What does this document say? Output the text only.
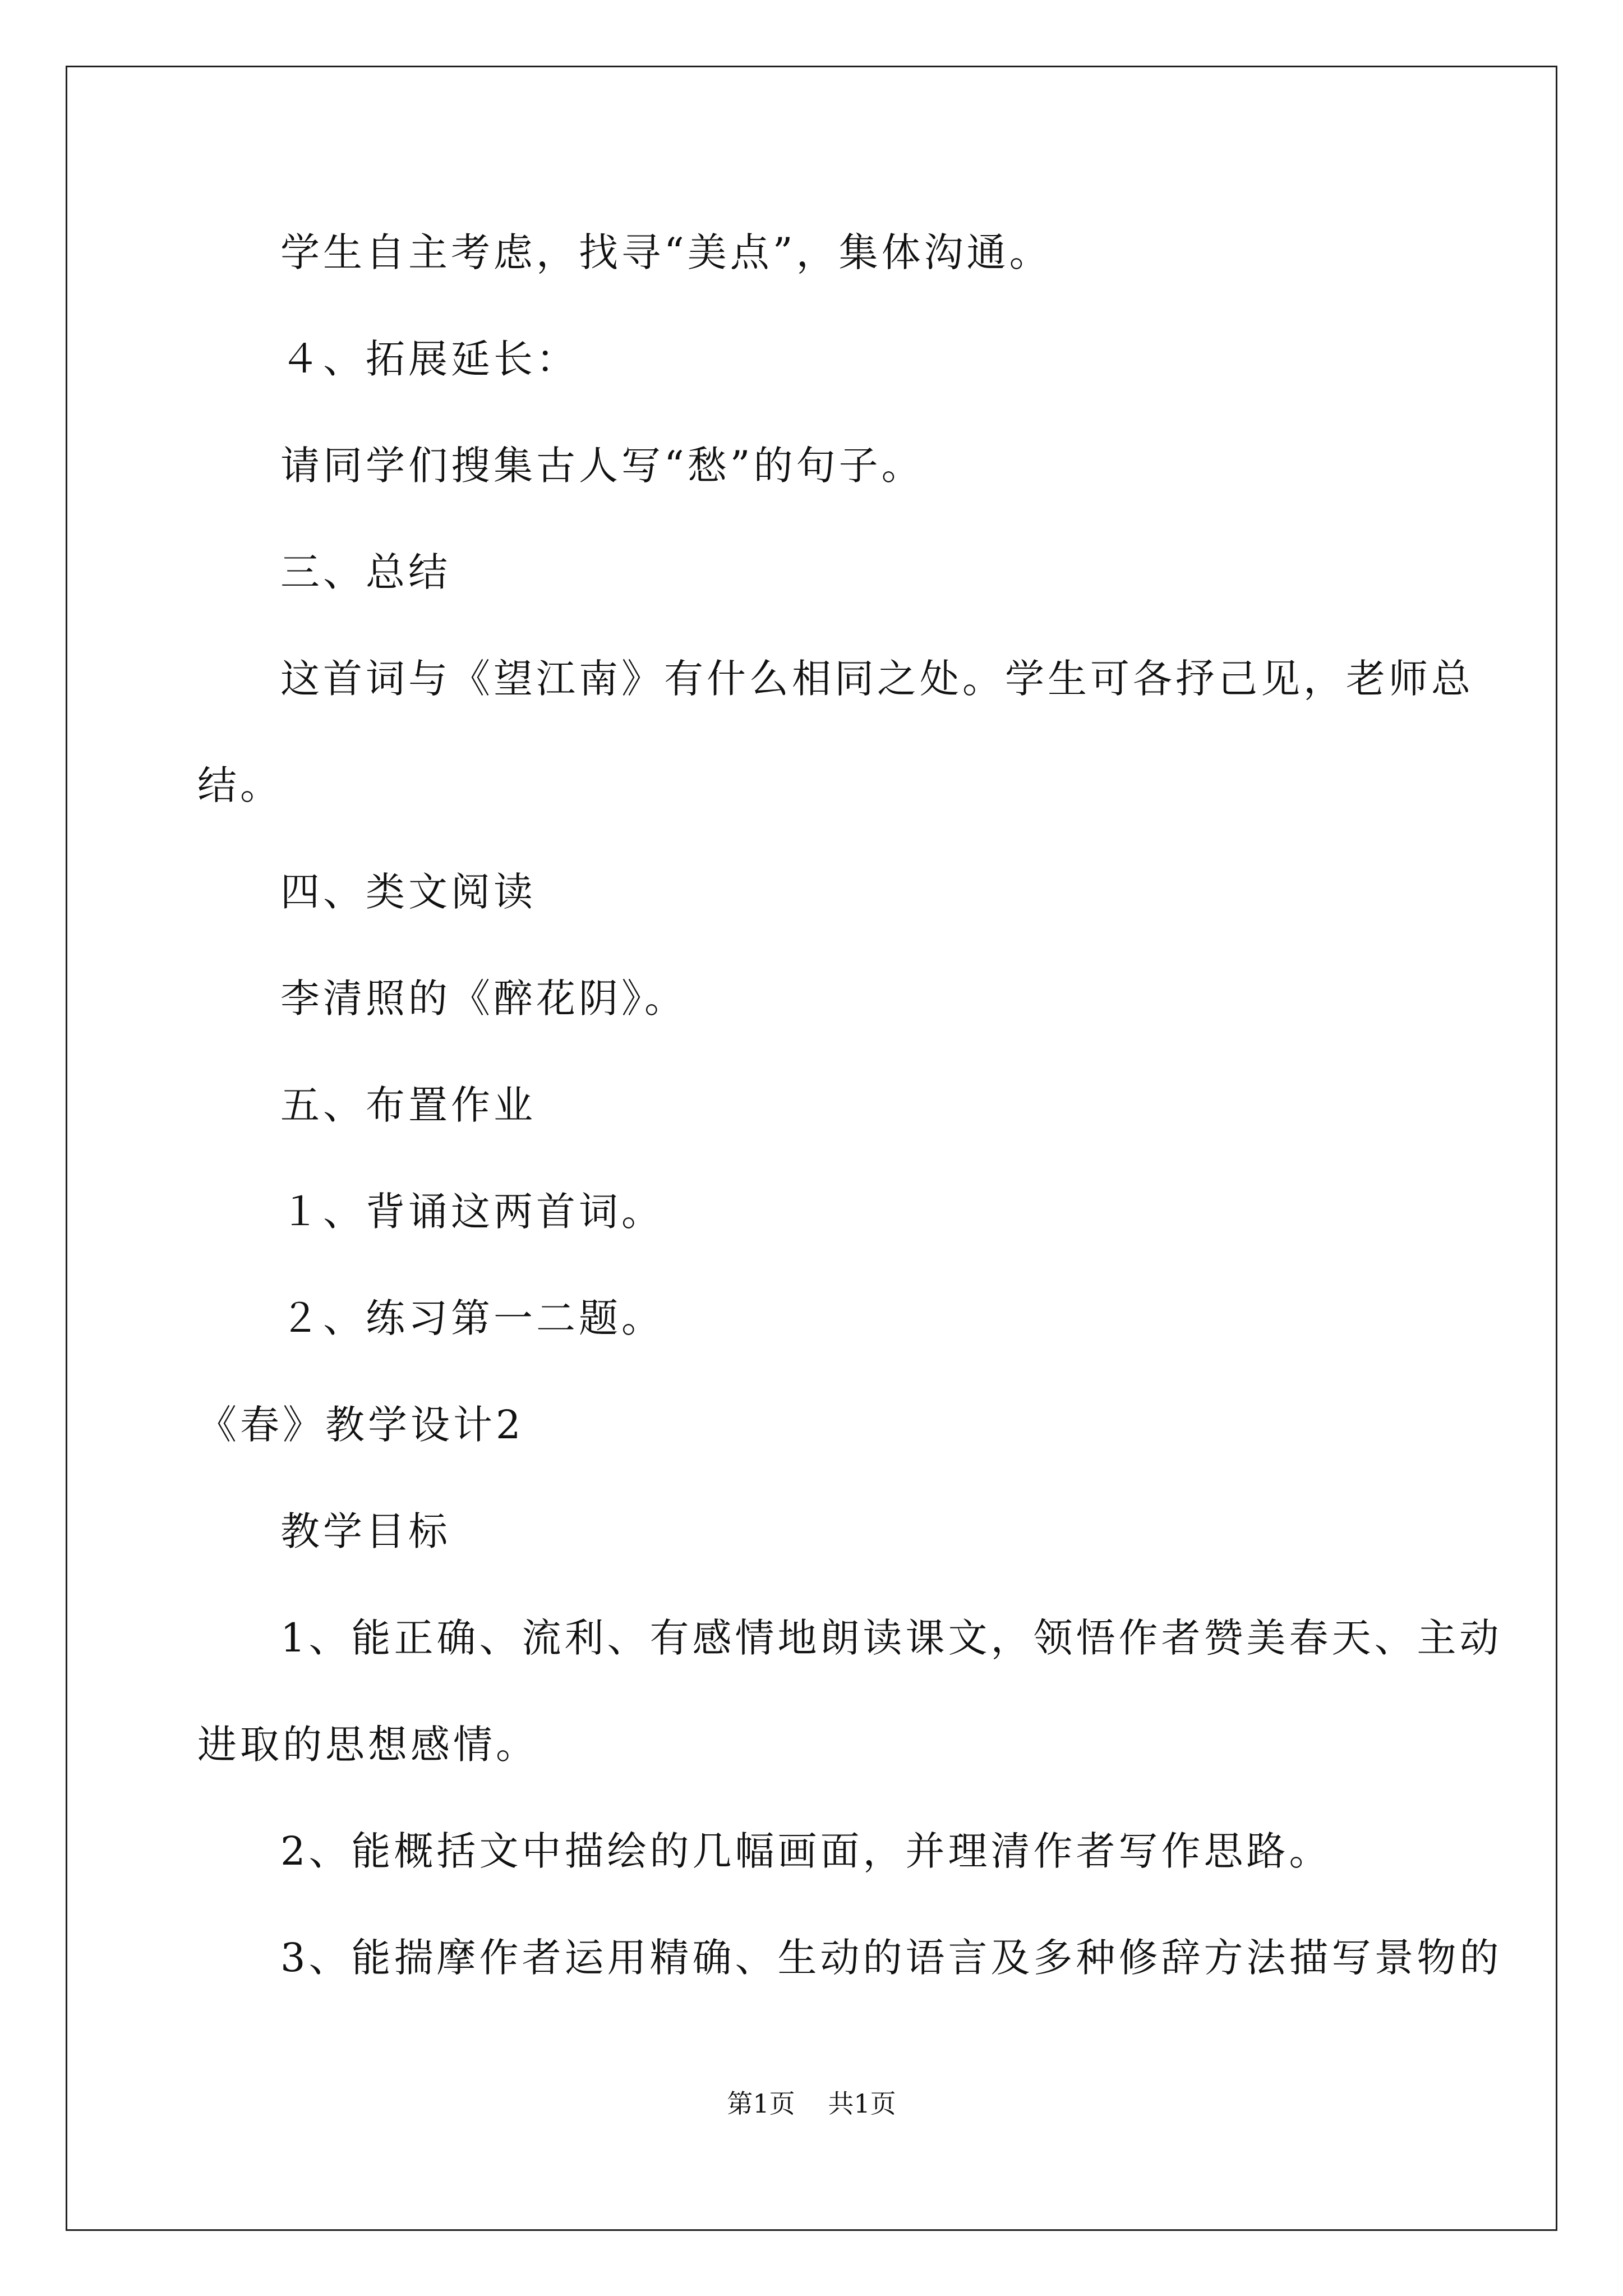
学生自主考虑，找寻“美点”，集体沟通。
４、拓展延长：
请同学们搜集古人写“愁”的句子。
三、总结
这首词与《望江南》有什么相同之处。学生可各抒己见，老师总
结。
四、类文阅读
李清照的《醉花阴》。
五、布置作业
１、背诵这两首词。
２、练习第一二题。
《春》教学设计2
教学目标
1、能正确、流利、有感情地朗读课文，领悟作者赞美春天、主动
进取的思想感情。
2、能概括文中描绘的几幅画面，并理清作者写作思路。
3、能揣摩作者运用精确、生动的语言及多种修辞方法描写景物的
第1页 共1页
